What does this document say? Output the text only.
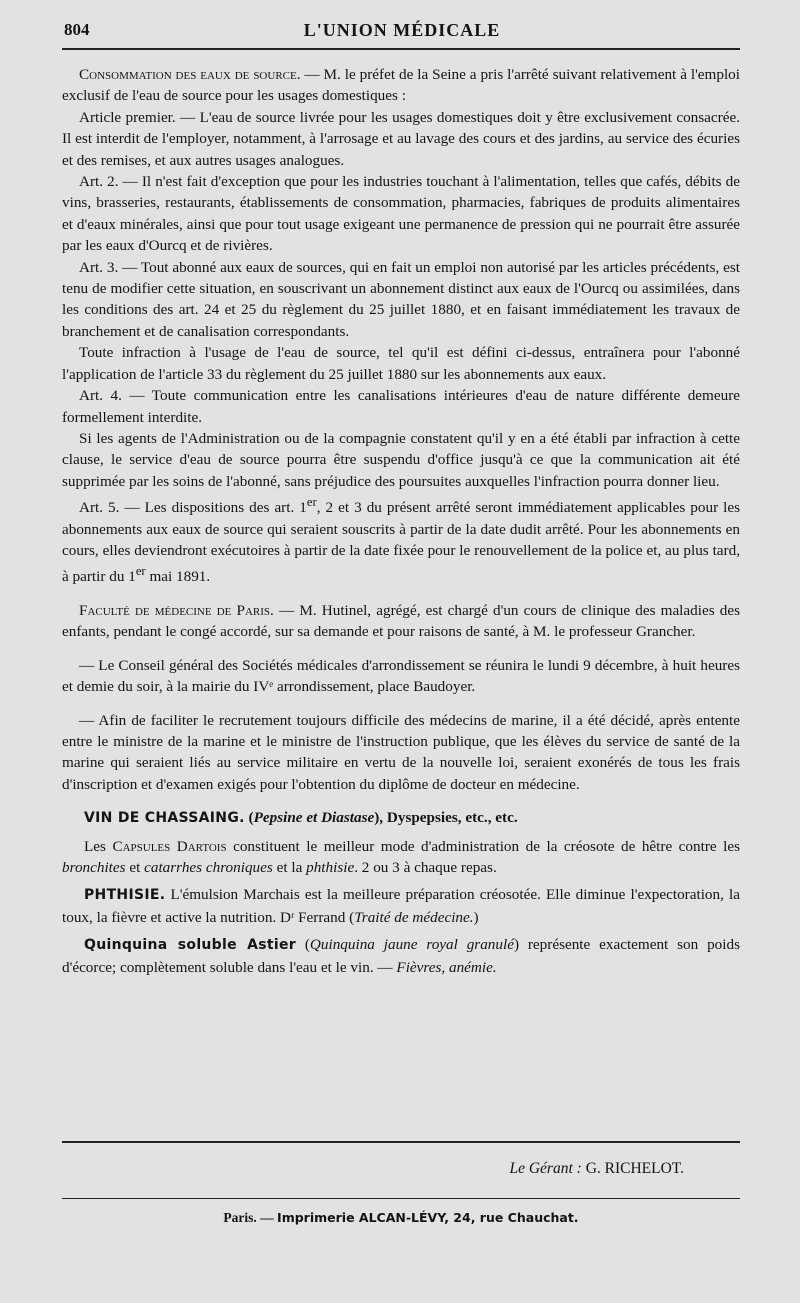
804	L'UNION MÉDICALE

Consommation des eaux de source. — M. le préfet de la Seine a pris l'arrêté suivant relativement à l'emploi exclusif de l'eau de source pour les usages domestiques :

Article premier. — L'eau de source livrée pour les usages domestiques doit y être exclusivement consacrée. Il est interdit de l'employer, notamment, à l'arrosage et au lavage des cours et des jardins, au service des écuries et des remises, et aux autres usages analogues.

Art. 2. — Il n'est fait d'exception que pour les industries touchant à l'alimentation, telles que cafés, débits de vins, brasseries, restaurants, établissements de consommation, pharmacies, fabriques de produits alimentaires et d'eaux minérales, ainsi que pour tout usage exigeant une permanence de pression qui ne pourrait être assurée par les eaux d'Ourcq et de rivières.

Art. 3. — Tout abonné aux eaux de sources, qui en fait un emploi non autorisé par les articles précédents, est tenu de modifier cette situation, en souscrivant un abonnement distinct aux eaux de l'Ourcq ou assimilées, dans les conditions des art. 24 et 25 du règlement du 25 juillet 1880, et en faisant immédiatement les travaux de branchement et de canalisation correspondants.

Toute infraction à l'usage de l'eau de source, tel qu'il est défini ci-dessus, entraînera pour l'abonné l'application de l'article 33 du règlement du 25 juillet 1880 sur les abonnements aux eaux.

Art. 4. — Toute communication entre les canalisations intérieures d'eau de nature différente demeure formellement interdite.

Si les agents de l'Administration ou de la compagnie constatent qu'il y en a été établi par infraction à cette clause, le service d'eau de source pourra être suspendu d'office jusqu'à ce que la communication ait été supprimée par les soins de l'abonné, sans préjudice des poursuites auxquelles l'infraction pourra donner lieu.

Art. 5. — Les dispositions des art. 1er, 2 et 3 du présent arrêté seront immédiatement applicables pour les abonnements aux eaux de source qui seraient souscrits à partir de la date dudit arrêté. Pour les abonnements en cours, elles deviendront exécutoires à partir de la date fixée pour le renouvellement de la police et, au plus tard, à partir du 1er mai 1891.

Faculté de médecine de Paris. — M. Hutinel, agrégé, est chargé d'un cours de clinique des maladies des enfants, pendant le congé accordé, sur sa demande et pour raisons de santé, à M. le professeur Grancher.

— Le Conseil général des Sociétés médicales d'arrondissement se réunira le lundi 9 décembre, à huit heures et demie du soir, à la mairie du IVᵉ arrondissement, place Baudoyer.

— Afin de faciliter le recrutement toujours difficile des médecins de marine, il a été décidé, après entente entre le ministre de la marine et le ministre de l'instruction publique, que les élèves du service de santé de la marine qui seraient liés au service militaire en vertu de la nouvelle loi, seraient exonérés de tous les frais d'inscription et d'examen exigés pour l'obtention du diplôme de docteur en médecine.

VIN DE CHASSAING. (Pepsine et Diastase), Dyspepsies, etc., etc.

Les Capsules Dartois constituent le meilleur mode d'administration de la créosote de hêtre contre les bronchites et catarrhes chroniques et la phthisie. 2 ou 3 à chaque repas.

PHTHISIE. L'émulsion Marchais est la meilleure préparation créosotée. Elle diminue l'expectoration, la toux, la fièvre et active la nutrition. Dʳ Ferrand (Traité de médecine.)

Quinquina soluble Astier (Quinquina jaune royal granulé) représente exactement son poids d'écorce; complètement soluble dans l'eau et le vin. — Fièvres, anémie.

Le Gérant : G. RICHELOT.
Paris. — Imprimerie ALCAN-LÉVY, 24, rue Chauchat.
